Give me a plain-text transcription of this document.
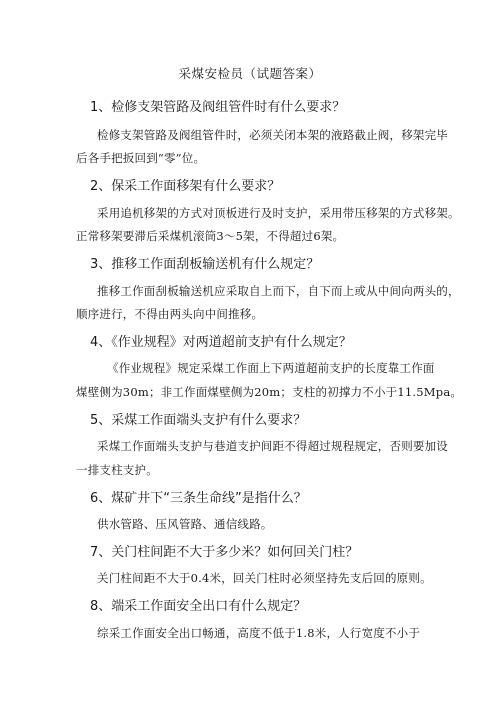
采煤安检员（试题答案）
1、检修支架管路及阀组管件时有什么要求？
检修支架管路及阀组管件时，必须关闭本架的液路截止阀，移架完毕
后各手把扳回到“零”位。
2、保采工作面移架有什么要求？
采用追机移架的方式对顶板进行及时支护，采用带压移架的方式移架。
正常移架要滞后采煤机滚筒3～5架，不得超过6架。
3、推移工作面刮板输送机有什么规定？
推移工作面刮板输送机应采取自上而下，自下而上或从中间向两头的，
顺序进行，不得由两头向中间推移。
4、《作业规程》对两道超前支护有什么规定？
《作业规程》规定采煤工作面上下两道超前支护的长度靠工作面
煤壁侧为30m；非工作面煤壁侧为20m；支柱的初撑力不小于11.5Mpa。
5、采煤工作面端头支护有什么要求？
采煤工作面端头支护与巷道支护间距不得超过规程规定，否则要加设
一排支柱支护。
6、煤矿井下“三条生命线”是指什么？
供水管路、压风管路、通信线路。
7、关门柱间距不大于多少米？如何回关门柱？
关门柱间距不大于0.4米，回关门柱时必须坚持先支后回的原则。
8、端采工作面安全出口有什么规定？
综采工作面安全出口畅通，高度不低于1.8米，人行宽度不小于
